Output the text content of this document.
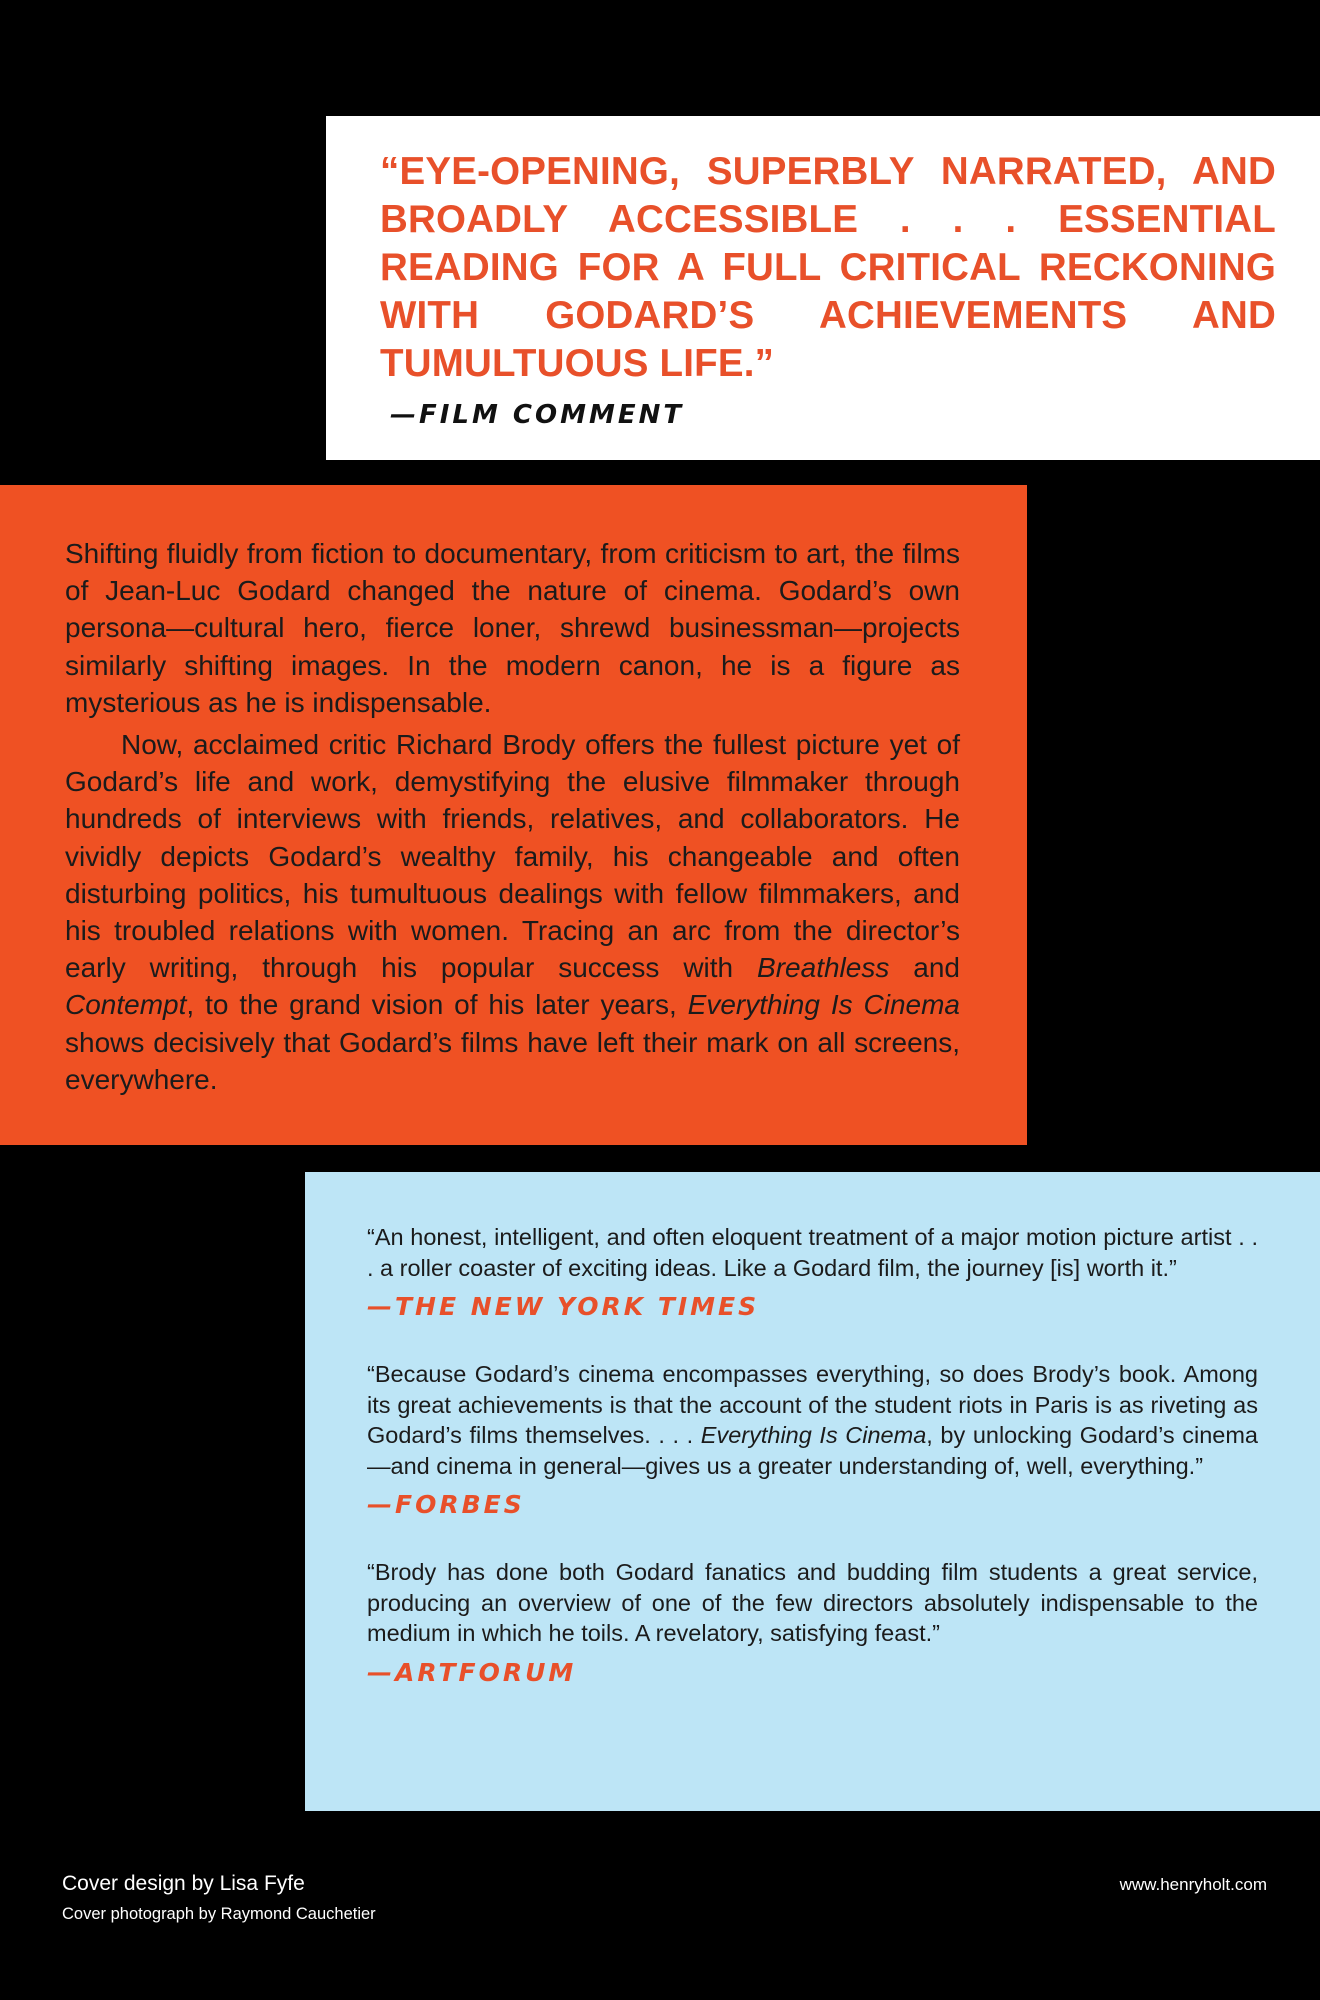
“EYE-OPENING, SUPERBLY NARRATED, AND BROADLY ACCESSIBLE . . . ESSENTIAL READING FOR A FULL CRITICAL RECKONING WITH GODARD’S ACHIEVEMENTS AND TUMULTUOUS LIFE.”

—FILM COMMENT

Shifting fluidly from fiction to documentary, from criticism to art, the films of Jean-Luc Godard changed the nature of cinema. Godard’s own persona—cultural hero, fierce loner, shrewd businessman—projects similarly shifting images. In the modern canon, he is a figure as mysterious as he is indispensable.

Now, acclaimed critic Richard Brody offers the fullest picture yet of Godard’s life and work, demystifying the elusive filmmaker through hundreds of interviews with friends, relatives, and collaborators. He vividly depicts Godard’s wealthy family, his changeable and often disturbing politics, his tumultuous dealings with fellow filmmakers, and his troubled relations with women. Tracing an arc from the director’s early writing, through his popular success with Breathless and Contempt, to the grand vision of his later years, Everything Is Cinema shows decisively that Godard’s films have left their mark on all screens, everywhere.

“An honest, intelligent, and often eloquent treatment of a major motion picture artist . . . a roller coaster of exciting ideas. Like a Godard film, the journey [is] worth it.”

—THE NEW YORK TIMES

“Because Godard’s cinema encompasses everything, so does Brody’s book. Among its great achievements is that the account of the student riots in Paris is as riveting as Godard’s films themselves. . . . Everything Is Cinema, by unlocking Godard’s cinema—and cinema in general—gives us a greater understanding of, well, everything.”

—FORBES

“Brody has done both Godard fanatics and budding film students a great service, producing an overview of one of the few directors absolutely indispensable to the medium in which he toils. A revelatory, satisfying feast.”

—ARTFORUM
Cover design by Lisa Fyfe
Cover photograph by Raymond Cauchetier
www.henryholt.com
